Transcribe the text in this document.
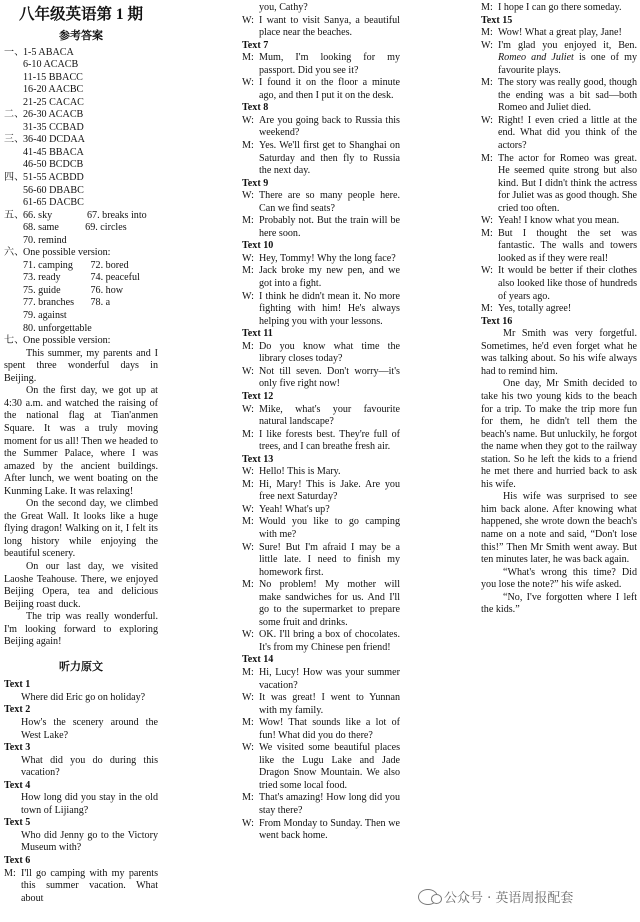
八年级英语第 1 期
参考答案
一、1-5 ABACA
6-10 ACACB
11-15 BBACC
16-20 AACBC
21-25 CACAC
二、26-30 ACACB
31-35 CCBAD
三、36-40 DCDAA
41-45 BBACA
46-50 BCDCB
四、51-55 ACBDD
56-60 DBABC
61-65 DACBC
五、66. sky	67. breaks into
68. same	69. circles
70. remind
六、One possible version:
71. camping	72. bored
73. ready	74. peaceful
75. guide	76. how
77. branches	78. a
79. against
80. unforgettable
七、One possible version:
This summer, my parents and I spent three wonderful days in Beijing.
On the first day, we got up at 4:30 a.m. and watched the raising of the national flag at Tian'anmen Square. It was a truly moving moment for us all! Then we headed to the Summer Palace, where I was amazed by the ancient buildings. After lunch, we went boating on the Kunming Lake. It was relaxing!
On the second day, we climbed the Great Wall. It looks like a huge flying dragon! Walking on it, I felt its long history while enjoying the beautiful scenery.
On our last day, we visited Laoshe Teahouse. There, we enjoyed Beijing Opera, tea and delicious Beijing roast duck.
The trip was really wonderful. I'm looking forward to exploring Beijing again!
听力原文
Text 1
Where did Eric go on holiday?
Text 2
How's the scenery around the West Lake?
Text 3
What did you do during this vacation?
Text 4
How long did you stay in the old town of Lijiang?
Text 5
Who did Jenny go to the Victory Museum with?
Text 6
M: I'll go camping with my parents this summer vacation. What about
you, Cathy?
W: I want to visit Sanya, a beautiful place near the beaches.
Text 7
M: Mum, I'm looking for my passport. Did you see it?
W: I found it on the floor a minute ago, and then I put it on the desk.
Text 8
W: Are you going back to Russia this weekend?
M: Yes. We'll first get to Shanghai on Saturday and then fly to Russia the next day.
Text 9
W: There are so many people here. Can we find seats?
M: Probably not. But the train will be here soon.
Text 10
W: Hey, Tommy! Why the long face?
M: Jack broke my new pen, and we got into a fight.
W: I think he didn't mean it. No more fighting with him! He's always helping you with your lessons.
Text 11
M: Do you know what time the library closes today?
W: Not till seven. Don't worry—it's only five right now!
Text 12
W: Mike, what's your favourite natural landscape?
M: I like forests best. They're full of trees, and I can breathe fresh air.
Text 13
W: Hello! This is Mary.
M: Hi, Mary! This is Jake. Are you free next Saturday?
W: Yeah! What's up?
M: Would you like to go camping with me?
W: Sure! But I'm afraid I may be a little late. I need to finish my homework first.
M: No problem! My mother will make sandwiches for us. And I'll go to the supermarket to prepare some fruit and drinks.
W: OK. I'll bring a box of chocolates. It's from my Chinese pen friend!
Text 14
M: Hi, Lucy! How was your summer vacation?
W: It was great! I went to Yunnan with my family.
M: Wow! That sounds like a lot of fun! What did you do there?
W: We visited some beautiful places like the Lugu Lake and Jade Dragon Snow Mountain. We also tried some local food.
M: That's amazing! How long did you stay there?
W: From Monday to Sunday. Then we went back home.
M: I hope I can go there someday.
Text 15
M: Wow! What a great play, Jane!
W: I'm glad you enjoyed it, Ben. Romeo and Juliet is one of my favourite plays.
M: The story was really good, though the ending was a bit sad—both Romeo and Juliet died.
W: Right! I even cried a little at the end. What did you think of the actors?
M: The actor for Romeo was great. He seemed quite strong but also kind. But I didn't think the actress for Juliet was as good though. She cried too often.
W: Yeah! I know what you mean.
M: But I thought the set was fantastic. The walls and towers looked as if they were real!
W: It would be better if their clothes also looked like those of hundreds of years ago.
M: Yes, totally agree!
Text 16
Mr Smith was very forgetful. Sometimes, he'd even forget what he was talking about. So his wife always had to remind him.
One day, Mr Smith decided to take his two young kids to the beach for a trip. To make the trip more fun for them, he didn't tell them the beach's name. But unluckily, he forgot the name when they got to the railway station. So he left the kids to a friend he met there and hurried back to ask his wife.
His wife was surprised to see him back alone. After knowing what happened, she wrote down the beach's name on a note and said, “Don't lose this!” Then Mr Smith went away. But ten minutes later, he was back again.
“What's wrong this time? Did you lose the note?” his wife asked.
“No, I've forgotten where I left the kids.”
公众号 · 英语周报配套
